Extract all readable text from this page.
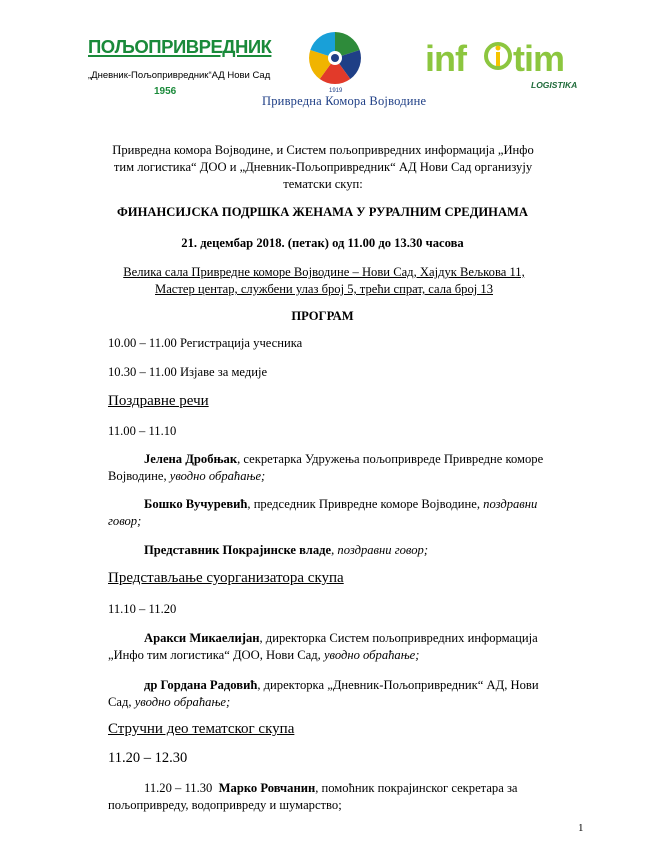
ПОЉОПРИВРЕДНИК
„Дневник-Пољопривредник“АД Нови Сад
1956	1919
Привредна Комора Војводине
inf tim
LOGISTIKA
Привредна комора Војводине, и Систем пољопривредних информација „Инфо тим логистика“ ДОО и „Дневник-Пољопривредник“ АД Нови Сад организују тематски скуп:
ФИНАНСИЈСКА ПОДРШКА ЖЕНАМА У РУРАЛНИМ СРЕДИНАМА
21. децембар 2018. (петак) од 11.00 до 13.30 часова
Велика сала Привредне коморе Војводине – Нови Сад, Хајдук Вељкова 11, Мастер центар, службени улаз број 5, трећи спрат, сала број 13
ПРОГРАМ
10.00 – 11.00 Регистрација учесника
10.30 – 11.00 Изјаве за медије
Поздравне речи
11.00 – 11.10
Јелена Дробњак, секретарка Удружења пољопривреде Привредне коморе Војводине, уводно обраћање;
Бошко Вучуревић, председник Привредне коморе Војводине, поздравни говор;
Представник Покрајинске владе, поздравни говор;
Представљање суорганизатора скупа
11.10 – 11.20
Аракси Микаелијан, директорка Систем пољопривредних информација „Инфо тим логистика“ ДОО, Нови Сад, уводно обраћање;
др Гордана Радовић, директорка „Дневник-Пољопривредник“ АД, Нови Сад, уводно обраћање;
Стручни део тематског скупа
11.20 – 12.30
11.20 – 11.30 Марко Ровчанин, помоћник покрајинског секретара за пољопривреду, водопривреду и шумарство;
1
